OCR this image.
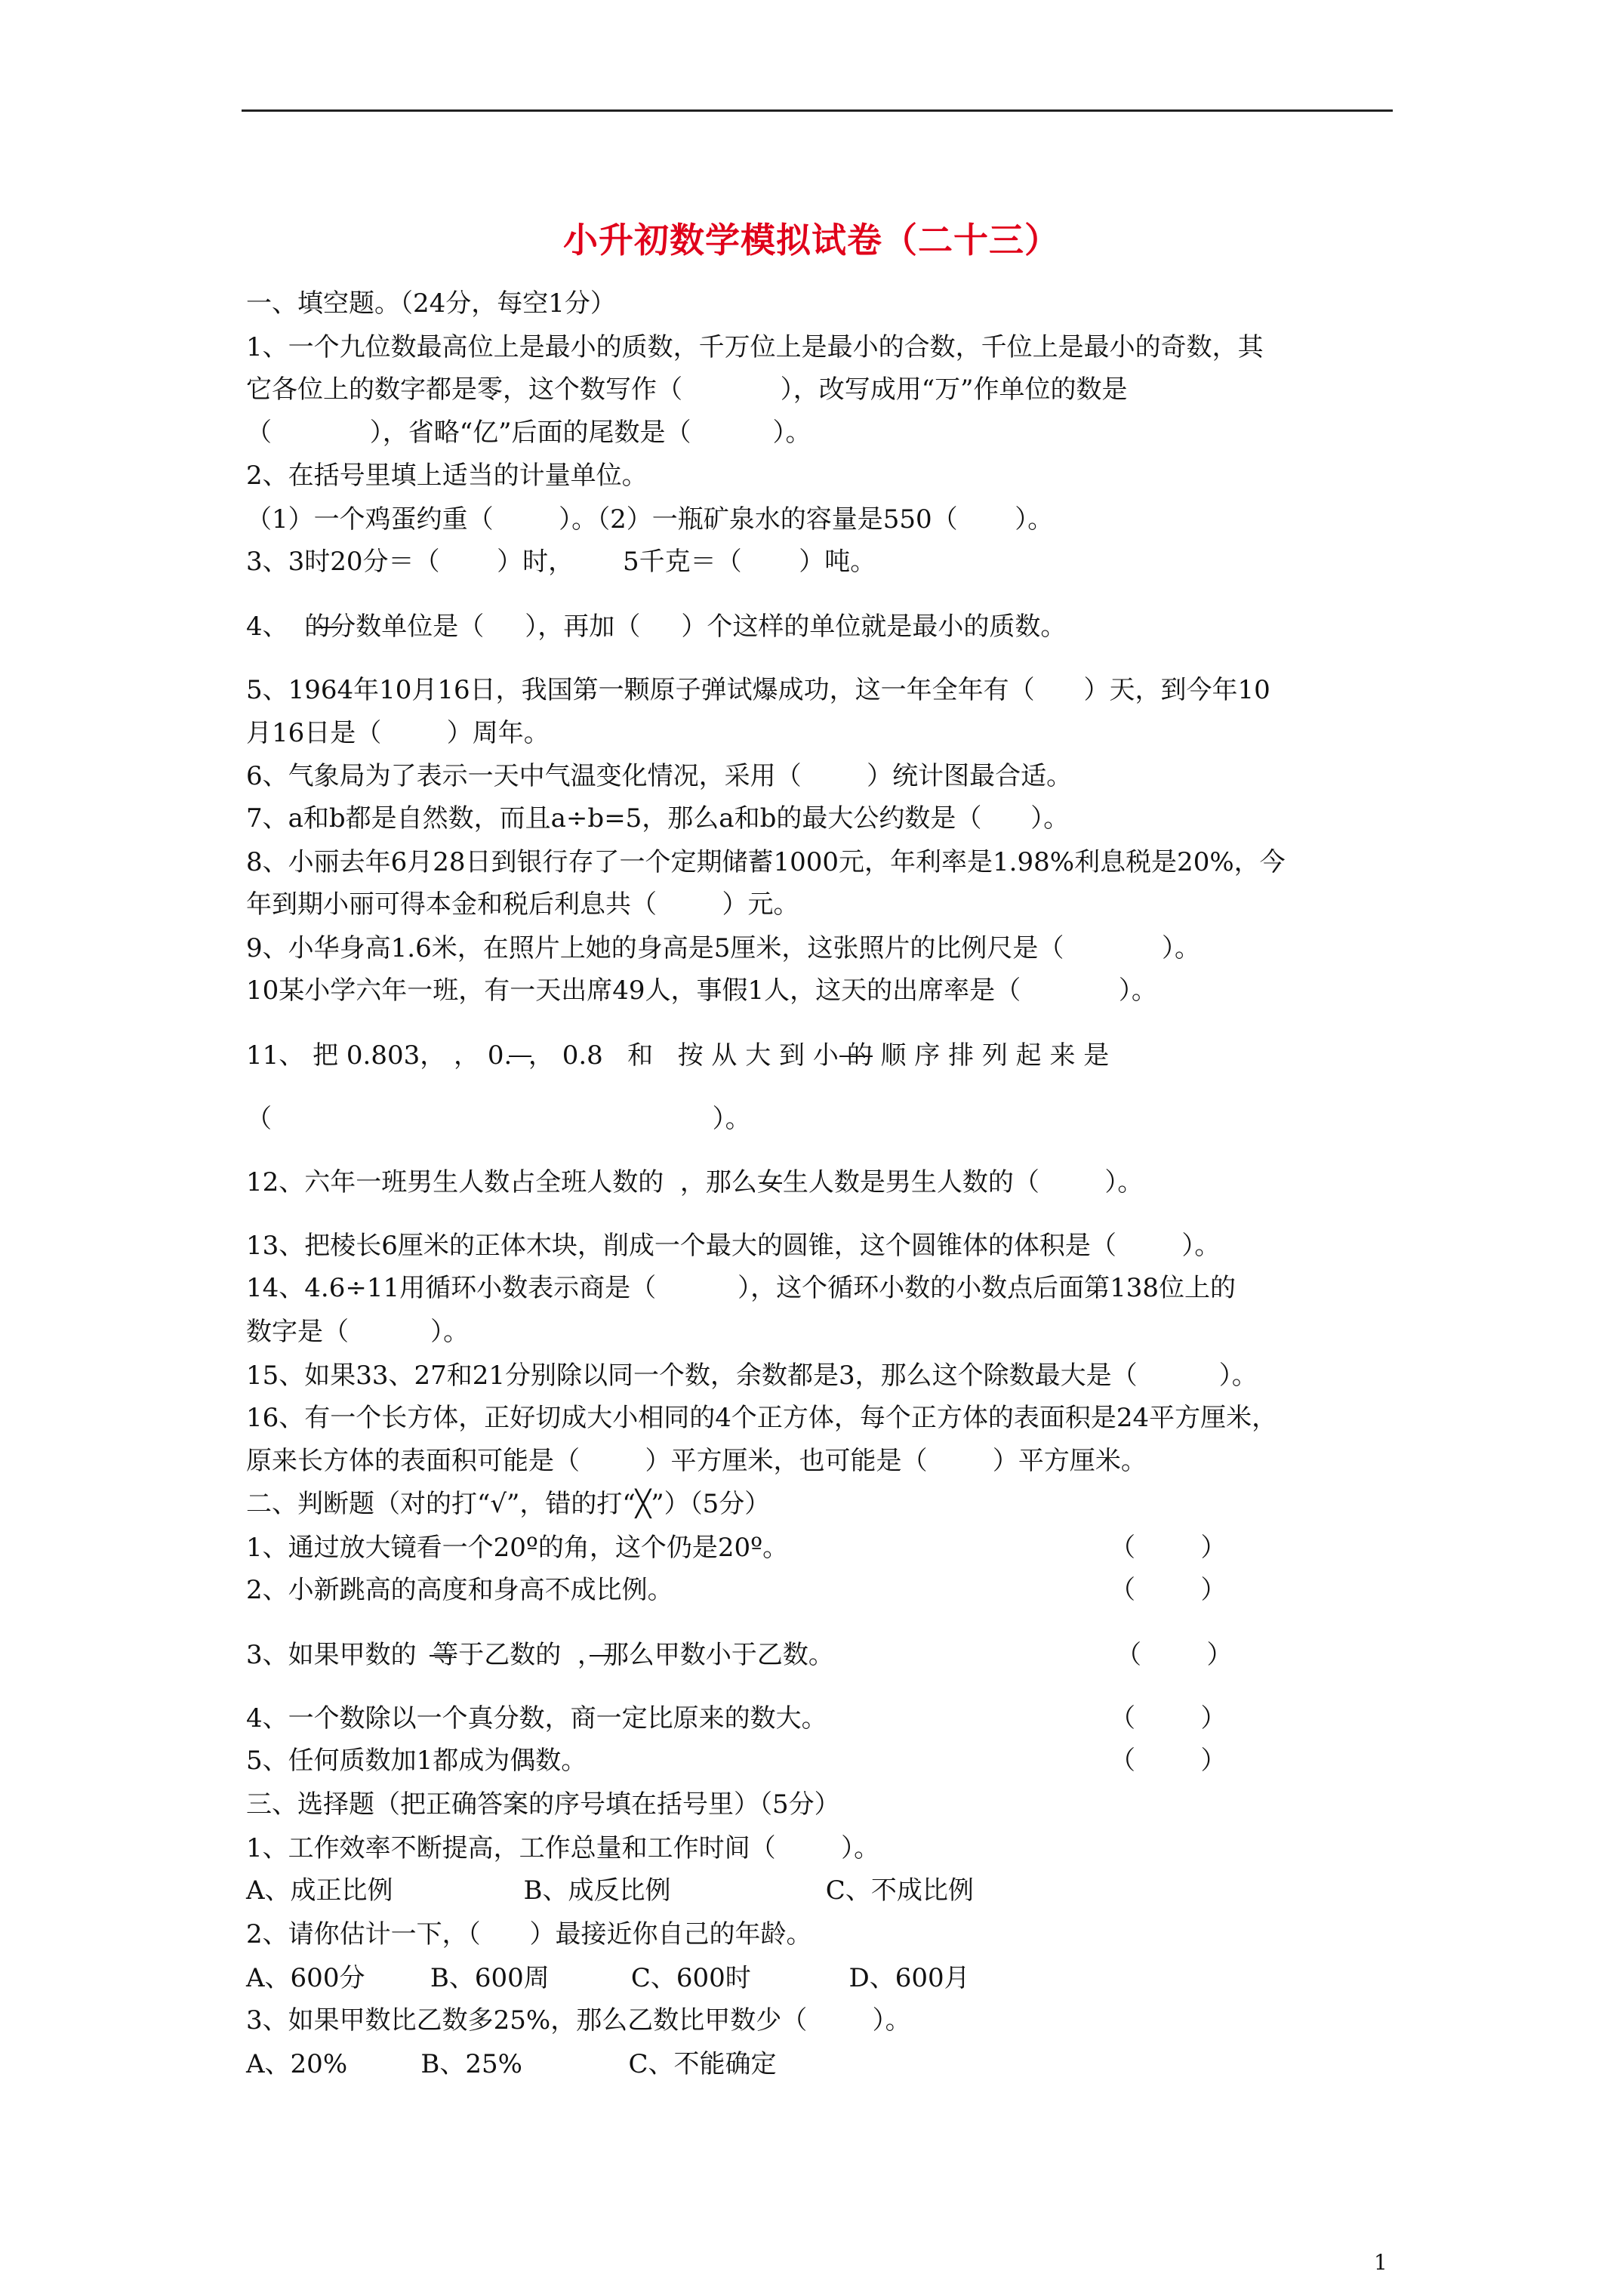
小升初数学模拟试卷（二十三）
一、填空题。（24分，每空1分）
1、一个九位数最高位上是最小的质数，千万位上是最小的合数，千位上是最小的奇数，其
它各位上的数字都是零，这个数写作（            ），改写成用“万”作单位的数是
（            ），省略“亿”后面的尾数是（          ）。
2、在括号里填上适当的计量单位。
（1）一个鸡蛋约重（        ）。（2）一瓶矿泉水的容量是550（       ）。
3、3时20分＝（       ）时，      5千克＝（       ）吨。
4、  的分数单位是（     ），再加（     ）个这样的单位就是最小的质数。
5、1964年10月16日，我国第一颗原子弹试爆成功，这一年全年有（      ）天，到今年10
月16日是（        ）周年。
6、气象局为了表示一天中气温变化情况，采用（        ）统计图最合适。
7、a和b都是自然数，而且a÷b=5，那么a和b的最大公约数是（      ）。
8、小丽去年6月28日到银行存了一个定期储蓄1000元，年利率是1.98%利息税是20%，今
年到期小丽可得本金和税后利息共（        ）元。
9、小华身高1.6米，在照片上她的身高是5厘米，这张照片的比例尺是（            ）。
10某小学六年一班，有一天出席49人，事假1人，这天的出席率是（            ）。
11、 把 0.803， ， 0.  ， 0.8   和   按 从 大 到 小 的 顺 序 排 列 起 来 是
（                                                      ）。
12、六年一班男生人数占全班人数的  ，那么女生人数是男生人数的（        ）。
13、把棱长6厘米的正体木块，削成一个最大的圆锥，这个圆锥体的体积是（        ）。
14、4.6÷11用循环小数表示商是（          ），这个循环小数的小数点后面第138位上的
数字是（          ）。
15、如果33、27和21分别除以同一个数，余数都是3，那么这个除数最大是（          ）。
16、有一个长方体，正好切成大小相同的4个正方体，每个正方体的表面积是24平方厘米，
原来长方体的表面积可能是（        ）平方厘米，也可能是（        ）平方厘米。
二、判断题（对的打“√”，错的打“╳”）（5分）
1、通过放大镜看一个20º的角，这个仍是20º。	（        ）
2、小新跳高的高度和身高不成比例。	（        ）
3、如果甲数的  等于乙数的  ，那么甲数小于乙数。	（        ）
4、一个数除以一个真分数，商一定比原来的数大。	（        ）
5、任何质数加1都成为偶数。	（        ）
三、选择题（把正确答案的序号填在括号里）（5分）
1、工作效率不断提高，工作总量和工作时间（        ）。
A、成正比例                B、成反比例                   C、不成比例
2、请你估计一下，（      ）最接近你自己的年龄。
A、600分        B、600周          C、600时            D、600月
3、如果甲数比乙数多25%，那么乙数比甲数少（        ）。
A、20%         B、25%             C、不能确定
1
